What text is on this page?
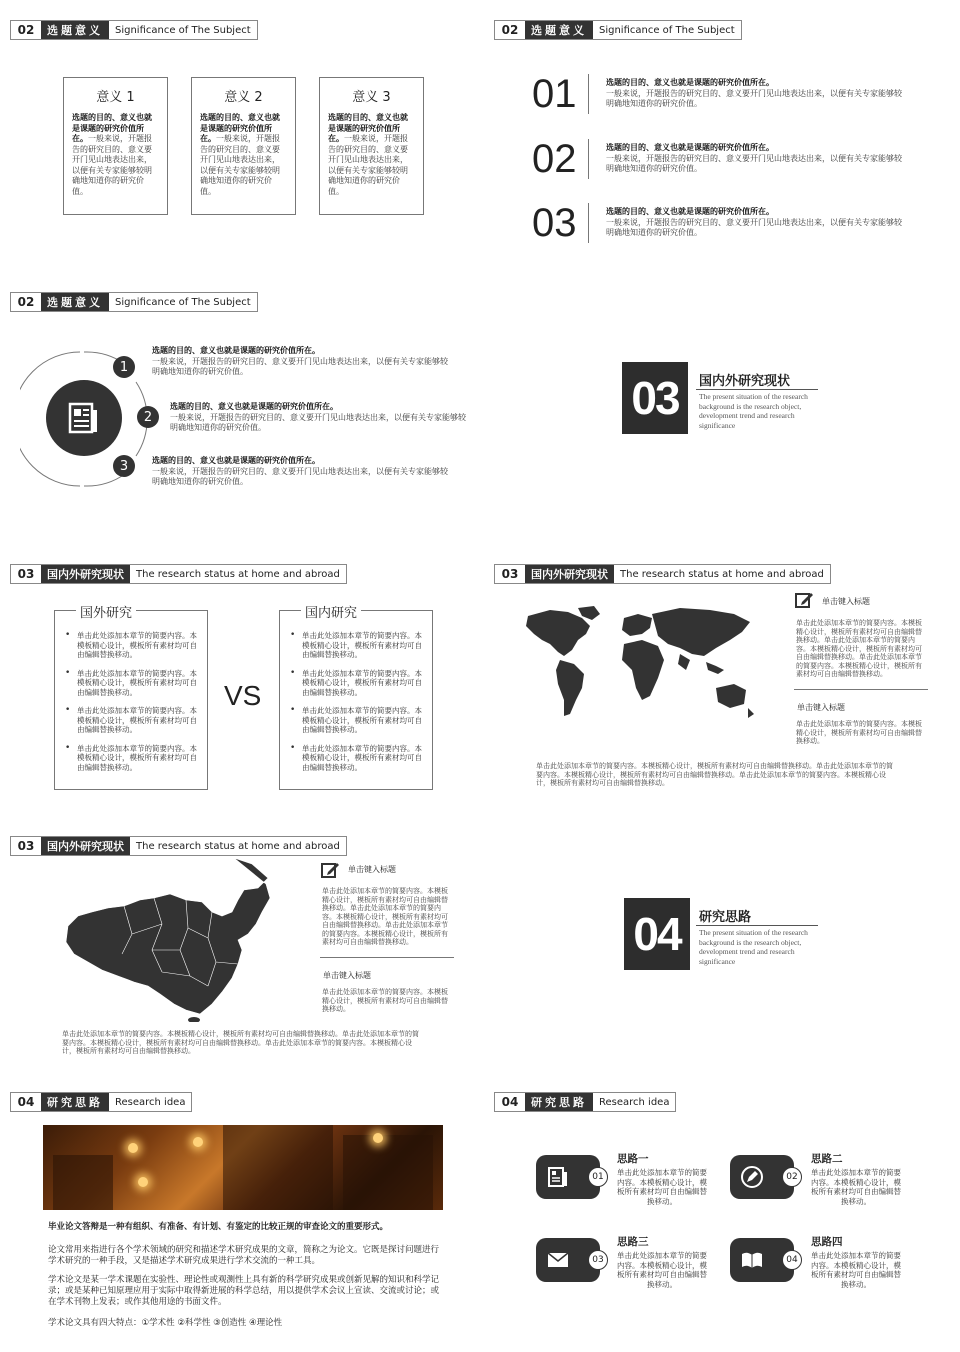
02	选题意义	Significance of The Subject
意义 1
选题的目的、意义也就是课题的研究价值所在。一般来说，开题报告的研究目的、意义要开门见山地表达出来，以便有关专家能够较明确地知道你的研究价值。
意义 2
选题的目的、意义也就是课题的研究价值所在。一般来说，开题报告的研究目的、意义要开门见山地表达出来，以便有关专家能够较明确地知道你的研究价值。
意义 3
选题的目的、意义也就是课题的研究价值所在。一般来说，开题报告的研究目的、意义要开门见山地表达出来，以便有关专家能够较明确地知道你的研究价值。
02	选题意义	Significance of The Subject
01	选题的目的、意义也就是课题的研究价值所在。
一般来说，开题报告的研究目的、意义要开门见山地表达出来，以便有关专家能够较明确地知道你的研究价值。
02	选题的目的、意义也就是课题的研究价值所在。
一般来说，开题报告的研究目的、意义要开门见山地表达出来，以便有关专家能够较明确地知道你的研究价值。
03	选题的目的、意义也就是课题的研究价值所在。
一般来说，开题报告的研究目的、意义要开门见山地表达出来，以便有关专家能够较明确地知道你的研究价值。
02	选题意义	Significance of The Subject
1
2
3
选题的目的、意义也就是课题的研究价值所在。
一般来说，开题报告的研究目的、意义要开门见山地表达出来，以便有关专家能够较明确地知道你的研究价值。
选题的目的、意义也就是课题的研究价值所在。
一般来说，开题报告的研究目的、意义要开门见山地表达出来，以便有关专家能够较明确地知道你的研究价值。
选题的目的、意义也就是课题的研究价值所在。
一般来说，开题报告的研究目的、意义要开门见山地表达出来，以便有关专家能够较明确地知道你的研究价值。
03	国内外研究现状
The present situation of the research background is the research object, development trend and research significance
03	国内外研究现状	The research status at home and abroad
• 单击此处添加本章节的简要内容。本模板精心设计，模板所有素材均可自由编辑替换移动。
• 单击此处添加本章节的简要内容。本模板精心设计，模板所有素材均可自由编辑替换移动。
• 单击此处添加本章节的简要内容。本模板精心设计，模板所有素材均可自由编辑替换移动。
• 单击此处添加本章节的简要内容。本模板精心设计，模板所有素材均可自由编辑替换移动。
国外研究
VS
• 单击此处添加本章节的简要内容。本模板精心设计，模板所有素材均可自由编辑替换移动。
• 单击此处添加本章节的简要内容。本模板精心设计，模板所有素材均可自由编辑替换移动。
• 单击此处添加本章节的简要内容。本模板精心设计，模板所有素材均可自由编辑替换移动。
• 单击此处添加本章节的简要内容。本模板精心设计，模板所有素材均可自由编辑替换移动。
国内研究
03	国内外研究现状	The research status at home and abroad
单击键入标题
单击此处添加本章节的简要内容。本模板精心设计，模板所有素材均可自由编辑替换移动。单击此处添加本章节的简要内容。本模板精心设计，模板所有素材均可自由编辑替换移动。单击此处添加本章节的简要内容。本模板精心设计，模板所有素材均可自由编辑替换移动。
单击键入标题
单击此处添加本章节的简要内容。本模板精心设计，模板所有素材均可自由编辑替换移动。
单击此处添加本章节的简要内容。本模板精心设计，模板所有素材均可自由编辑替换移动。单击此处添加本章节的简要内容。本模板精心设计，模板所有素材均可自由编辑替换移动。单击此处添加本章节的简要内容。本模板精心设计，模板所有素材均可自由编辑替换移动。
03	国内外研究现状	The research status at home and abroad
单击键入标题
单击此处添加本章节的简要内容。本模板精心设计，模板所有素材均可自由编辑替换移动。单击此处添加本章节的简要内容。本模板精心设计，模板所有素材均可自由编辑替换移动。单击此处添加本章节的简要内容。本模板精心设计，模板所有素材均可自由编辑替换移动。
单击键入标题
单击此处添加本章节的简要内容。本模板精心设计，模板所有素材均可自由编辑替换移动。
单击此处添加本章节的简要内容。本模板精心设计，模板所有素材均可自由编辑替换移动。单击此处添加本章节的简要内容。本模板精心设计，模板所有素材均可自由编辑替换移动。单击此处添加本章节的简要内容。本模板精心设计，模板所有素材均可自由编辑替换移动。
04	研究思路
The present situation of the research background is the research object, development trend and research significance
04	研究思路	Research idea
毕业论文答辩是一种有组织、有准备、有计划、有鉴定的比较正规的审查论文的重要形式。
论文常用来指进行各个学术领域的研究和描述学术研究成果的文章，简称之为论文。它既是探讨问题进行学术研究的一种手段，又是描述学术研究成果进行学术交流的一种工具。
学术论文是某一学术课题在实验性、理论性或观测性上具有新的科学研究成果或创新见解的知识和科学记录；或是某种已知原理应用于实际中取得新进展的科学总结，用以提供学术会议上宣读、交流或讨论；或在学术刊物上发表；或作其他用途的书面文件。
学术论文具有四大特点：①学术性 ②科学性 ③创造性 ④理论性
04	研究思路	Research idea
01
思路一
单击此处添加本章节的简要内容。本模板精心设计，模板所有素材均可自由编辑替换移动。
02
思路二
单击此处添加本章节的简要内容。本模板精心设计，模板所有素材均可自由编辑替换移动。
03
思路三
单击此处添加本章节的简要内容。本模板精心设计，模板所有素材均可自由编辑替换移动。
04
思路四
单击此处添加本章节的简要内容。本模板精心设计，模板所有素材均可自由编辑替换移动。
